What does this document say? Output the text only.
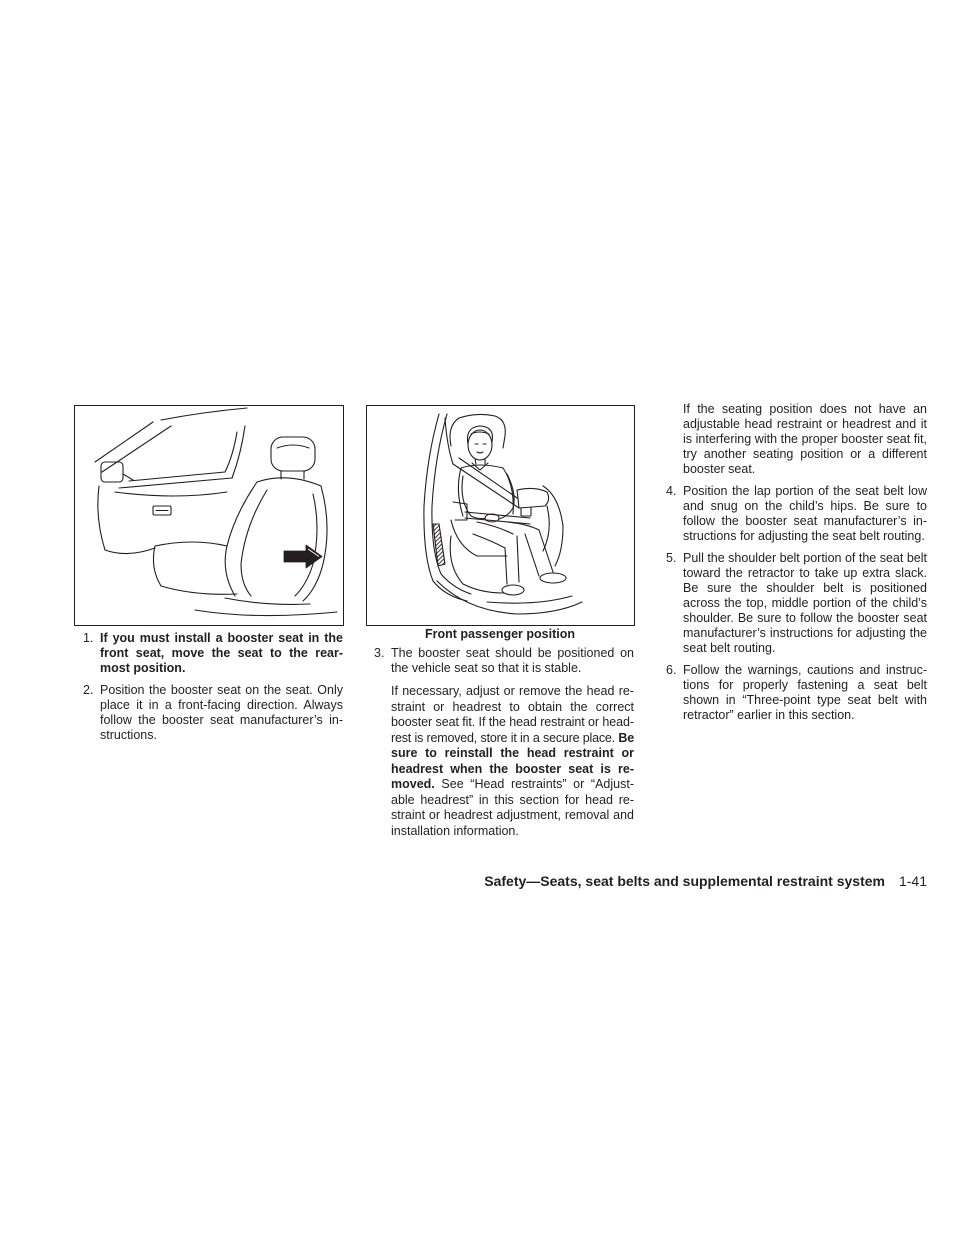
Front passenger position
1. If you must install a booster seat in the
front seat, move the seat to the rear-
most position.
2. Position the booster seat on the seat. Only
place it in a front-facing direction. Always
follow the booster seat manufacturer’s in-
structions.
3. The booster seat should be positioned on
the vehicle seat so that it is stable.
If necessary, adjust or remove the head re-
straint or headrest to obtain the correct
booster seat fit. If the head restraint or head-
rest is removed, store it in a secure place. Be
sure to reinstall the head restraint or
headrest when the booster seat is re-
moved. See “Head restraints” or “Adjust-
able headrest” in this section for head re-
straint or headrest adjustment, removal and
installation information.
If the seating position does not have an
adjustable head restraint or headrest and it
is interfering with the proper booster seat fit,
try another seating position or a different
booster seat.
4. Position the lap portion of the seat belt low
and snug on the child’s hips. Be sure to
follow the booster seat manufacturer’s in-
structions for adjusting the seat belt routing.
5. Pull the shoulder belt portion of the seat belt
toward the retractor to take up extra slack.
Be sure the shoulder belt is positioned
across the top, middle portion of the child’s
shoulder. Be sure to follow the booster seat
manufacturer’s instructions for adjusting the
seat belt routing.
6. Follow the warnings, cautions and instruc-
tions for properly fastening a seat belt
shown in “Three-point type seat belt with
retractor” earlier in this section.
Safety—Seats, seat belts and supplemental restraint system 1-41
